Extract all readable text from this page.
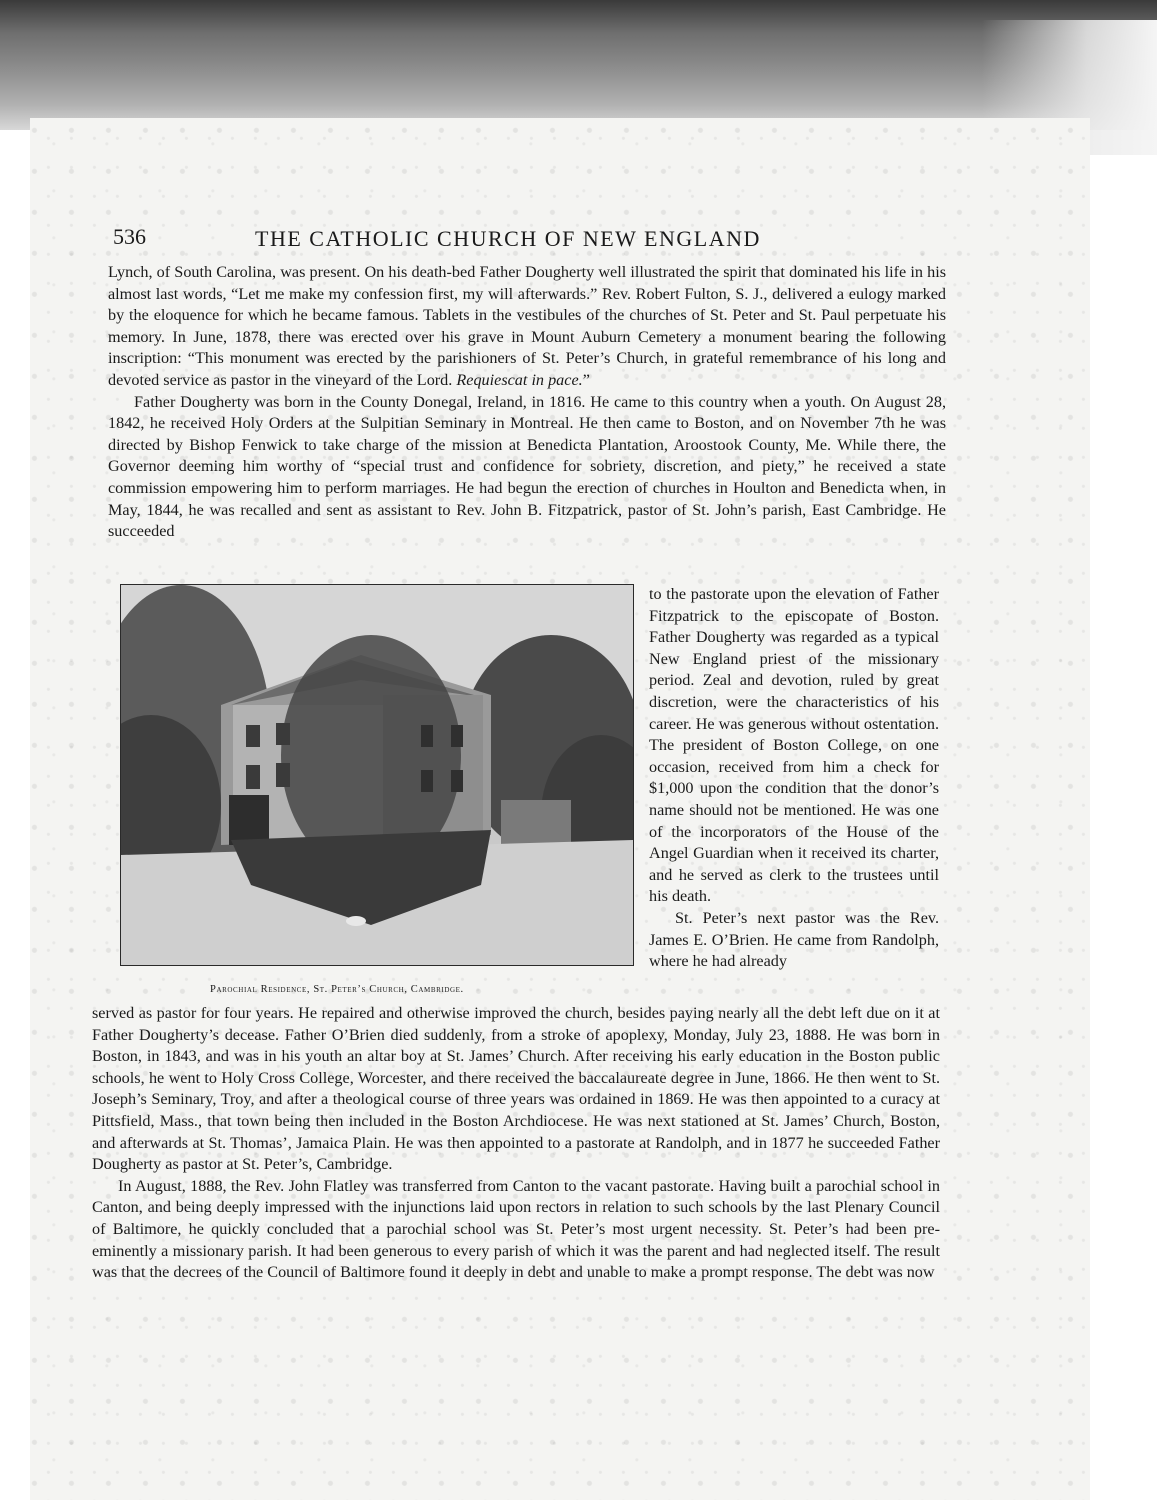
536	THE CATHOLIC CHURCH OF NEW ENGLAND

Lynch, of South Carolina, was present. On his death-bed Father Dougherty well illustrated the spirit that dominated his life in his almost last words, “Let me make my confession first, my will afterwards.” Rev. Robert Fulton, S. J., delivered a eulogy marked by the eloquence for which he became famous. Tablets in the vestibules of the churches of St. Peter and St. Paul perpetuate his memory. In June, 1878, there was erected over his grave in Mount Auburn Cemetery a monument bearing the following inscription: “This monument was erected by the parishioners of St. Peter’s Church, in grateful remembrance of his long and devoted service as pastor in the vineyard of the Lord. Requiescat in pace.”

Father Dougherty was born in the County Donegal, Ireland, in 1816. He came to this country when a youth. On August 28, 1842, he received Holy Orders at the Sulpitian Seminary in Montreal. He then came to Boston, and on November 7th he was directed by Bishop Fenwick to take charge of the mission at Benedicta Plantation, Aroostook County, Me. While there, the Governor deeming him worthy of “special trust and confidence for sobriety, discretion, and piety,” he received a state commission empowering him to perform marriages. He had begun the erection of churches in Houlton and Benedicta when, in May, 1844, he was recalled and sent as assistant to Rev. John B. Fitzpatrick, pastor of St. John’s parish, East Cambridge. He succeeded

Parochial Residence, St. Peter’s Church, Cambridge.

to the pastorate upon the elevation of Father Fitzpatrick to the episcopate of Boston. Father Dougherty was regarded as a typical New England priest of the missionary period. Zeal and devotion, ruled by great discretion, were the characteristics of his career. He was generous without ostentation. The president of Boston College, on one occasion, received from him a check for $1,000 upon the condition that the donor’s name should not be mentioned. He was one of the incorporators of the House of the Angel Guardian when it received its charter, and he served as clerk to the trustees until his death.

St. Peter’s next pastor was the Rev. James E. O’Brien. He came from Randolph, where he had already

served as pastor for four years. He repaired and otherwise improved the church, besides paying nearly all the debt left due on it at Father Dougherty’s decease. Father O’Brien died suddenly, from a stroke of apoplexy, Monday, July 23, 1888. He was born in Boston, in 1843, and was in his youth an altar boy at St. James’ Church. After receiving his early education in the Boston public schools, he went to Holy Cross College, Worcester, and there received the baccalaureate degree in June, 1866. He then went to St. Joseph’s Seminary, Troy, and after a theological course of three years was ordained in 1869. He was then appointed to a curacy at Pittsfield, Mass., that town being then included in the Boston Archdiocese. He was next stationed at St. James’ Church, Boston, and afterwards at St. Thomas’, Jamaica Plain. He was then appointed to a pastorate at Randolph, and in 1877 he succeeded Father Dougherty as pastor at St. Peter’s, Cambridge.

In August, 1888, the Rev. John Flatley was transferred from Canton to the vacant pastorate. Having built a parochial school in Canton, and being deeply impressed with the injunctions laid upon rectors in relation to such schools by the last Plenary Council of Baltimore, he quickly concluded that a parochial school was St. Peter’s most urgent necessity. St. Peter’s had been pre-eminently a missionary parish. It had been generous to every parish of which it was the parent and had neglected itself. The result was that the decrees of the Council of Baltimore found it deeply in debt and unable to make a prompt response. The debt was now
